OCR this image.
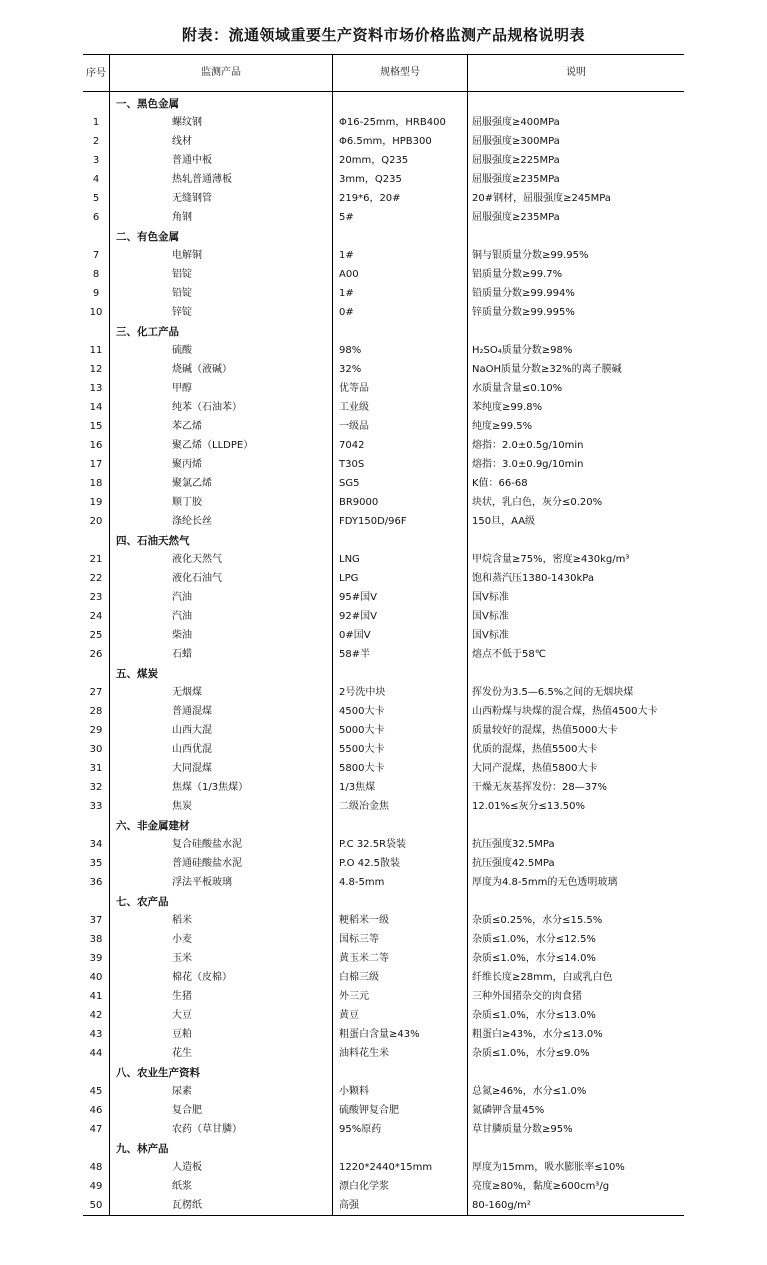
附表：流通领域重要生产资料市场价格监测产品规格说明表
序号	监测产品	规格型号	说明
	一、黑色金属		
1	螺纹钢	Φ16-25mm，HRB400	屈服强度≥400MPa
2	线材	Φ6.5mm，HPB300	屈服强度≥300MPa
3	普通中板	20mm，Q235	屈服强度≥225MPa
4	热轧普通薄板	3mm，Q235	屈服强度≥235MPa
5	无缝钢管	219*6，20#	20#钢材，屈服强度≥245MPa
6	角钢	5#	屈服强度≥235MPa
	二、有色金属		
7	电解铜	1#	铜与银质量分数≥99.95%
8	铝锭	A00	铝质量分数≥99.7%
9	铅锭	1#	铅质量分数≥99.994%
10	锌锭	0#	锌质量分数≥99.995%
	三、化工产品		
11	硫酸	98%	H₂SO₄质量分数≥98%
12	烧碱（液碱）	32%	NaOH质量分数≥32%的离子膜碱
13	甲醇	优等品	水质量含量≤0.10%
14	纯苯（石油苯）	工业级	苯纯度≥99.8%
15	苯乙烯	一级品	纯度≥99.5%
16	聚乙烯（LLDPE）	7042	熔指：2.0±0.5g/10min
17	聚丙烯	T30S	熔指：3.0±0.9g/10min
18	聚氯乙烯	SG5	K值：66-68
19	顺丁胶	BR9000	块状，乳白色，灰分≤0.20%
20	涤纶长丝	FDY150D/96F	150旦，AA级
	四、石油天然气		
21	液化天然气	LNG	甲烷含量≥75%，密度≥430kg/m³
22	液化石油气	LPG	饱和蒸汽压1380-1430kPa
23	汽油	95#国Ⅴ	国Ⅴ标准
24	汽油	92#国Ⅴ	国Ⅴ标准
25	柴油	0#国Ⅴ	国Ⅴ标准
26	石蜡	58#半	熔点不低于58℃
	五、煤炭		
27	无烟煤	2号洗中块	挥发份为3.5—6.5%之间的无烟块煤
28	普通混煤	4500大卡	山西粉煤与块煤的混合煤，热值4500大卡
29	山西大混	5000大卡	质量较好的混煤，热值5000大卡
30	山西优混	5500大卡	优质的混煤，热值5500大卡
31	大同混煤	5800大卡	大同产混煤，热值5800大卡
32	焦煤（1/3焦煤）	1/3焦煤	干燥无灰基挥发份：28—37%
33	焦炭	二级冶金焦	12.01%≤灰分≤13.50%
	六、非金属建材		
34	复合硅酸盐水泥	P.C 32.5R袋装	抗压强度32.5MPa
35	普通硅酸盐水泥	P.O 42.5散装	抗压强度42.5MPa
36	浮法平板玻璃	4.8-5mm	厚度为4.8-5mm的无色透明玻璃
	七、农产品		
37	稻米	粳稻米一级	杂质≤0.25%，水分≤15.5%
38	小麦	国标三等	杂质≤1.0%，水分≤12.5%
39	玉米	黄玉米二等	杂质≤1.0%，水分≤14.0%
40	棉花（皮棉）	白棉三级	纤维长度≥28mm，白或乳白色
41	生猪	外三元	三种外国猪杂交的肉食猪
42	大豆	黄豆	杂质≤1.0%，水分≤13.0%
43	豆粕	粗蛋白含量≥43%	粗蛋白≥43%，水分≤13.0%
44	花生	油料花生米	杂质≤1.0%，水分≤9.0%
	八、农业生产资料		
45	尿素	小颗料	总氮≥46%，水分≤1.0%
46	复合肥	硫酸钾复合肥	氮磷钾含量45%
47	农药（草甘膦）	95%原药	草甘膦质量分数≥95%
	九、林产品		
48	人造板	1220*2440*15mm	厚度为15mm，吸水膨胀率≤10%
49	纸浆	漂白化学浆	亮度≥80%，黏度≥600cm³/g
50	瓦楞纸	高强	80-160g/m²
